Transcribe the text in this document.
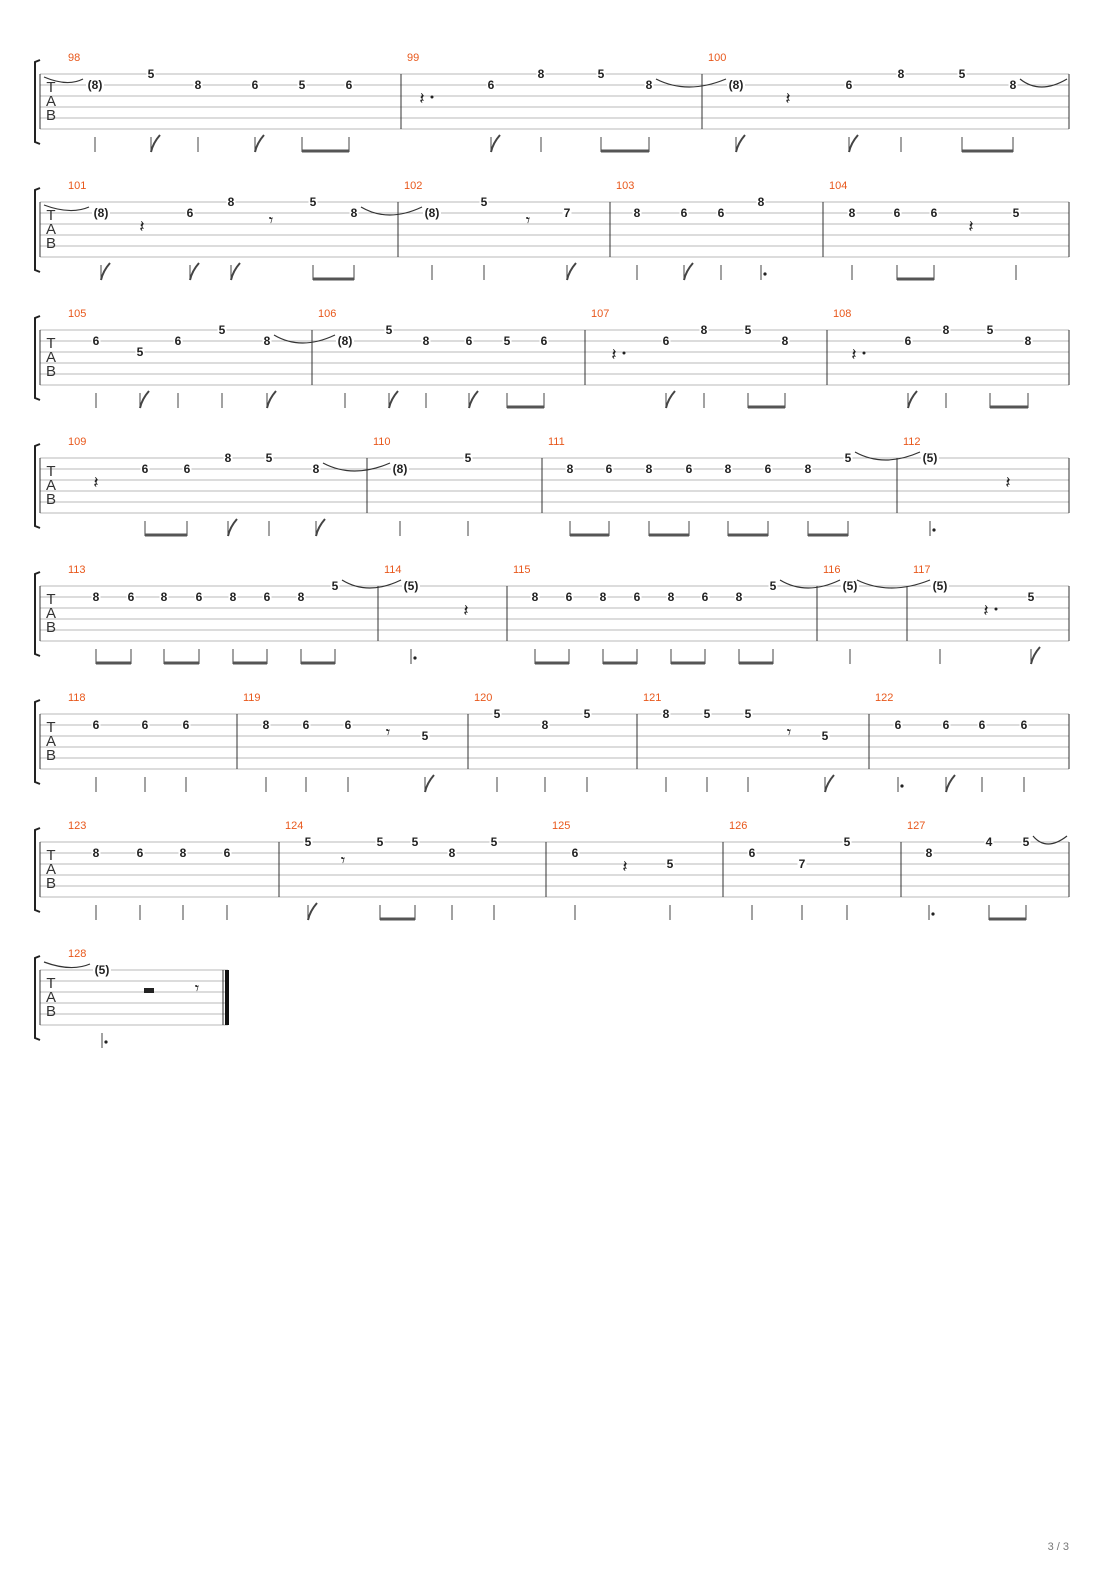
T
A
B
98
(8)
5
8	6	5	6
99
𝄽
6
8	5
8
100
(8)
𝄽
6
8	5
8
T
A
B
101
(8)
𝄽
6
8
𝄾
5
8
102
(8)
5
𝄾	7
103
8	6	6
8
104
8	6	6
𝄽
5
T
A
B
105
6
5
6
5
8
106
(8)
5
8	6	5	6
107
𝄽
6
8	5
8
108
𝄽
6
8	5
8
T
A
B
109
𝄽
6	6
8	5
8
110
(8)
5
111
8	6	8	6	8	6	8
5
112
(5)
𝄽
T
A
B
113
8 6 8 6 8 6 8
5
114
(5)
𝄽
115
8 6 8 6 8 6 8
5
116
(5)
117
(5)
𝄽
5
T
A
B
118
6	6	6
119
8	6	6 𝄾	5
120
5
8
5
121
8	5	5
𝄾	5
122
6	6 6	6
T
A
B
123
8	6	8	6
124
5
𝄾
5 5
8
5
125
6
𝄽	5
126
6
7
5
127
8
4	5
T
A
B
128
(5)
𝄾
3 / 3
